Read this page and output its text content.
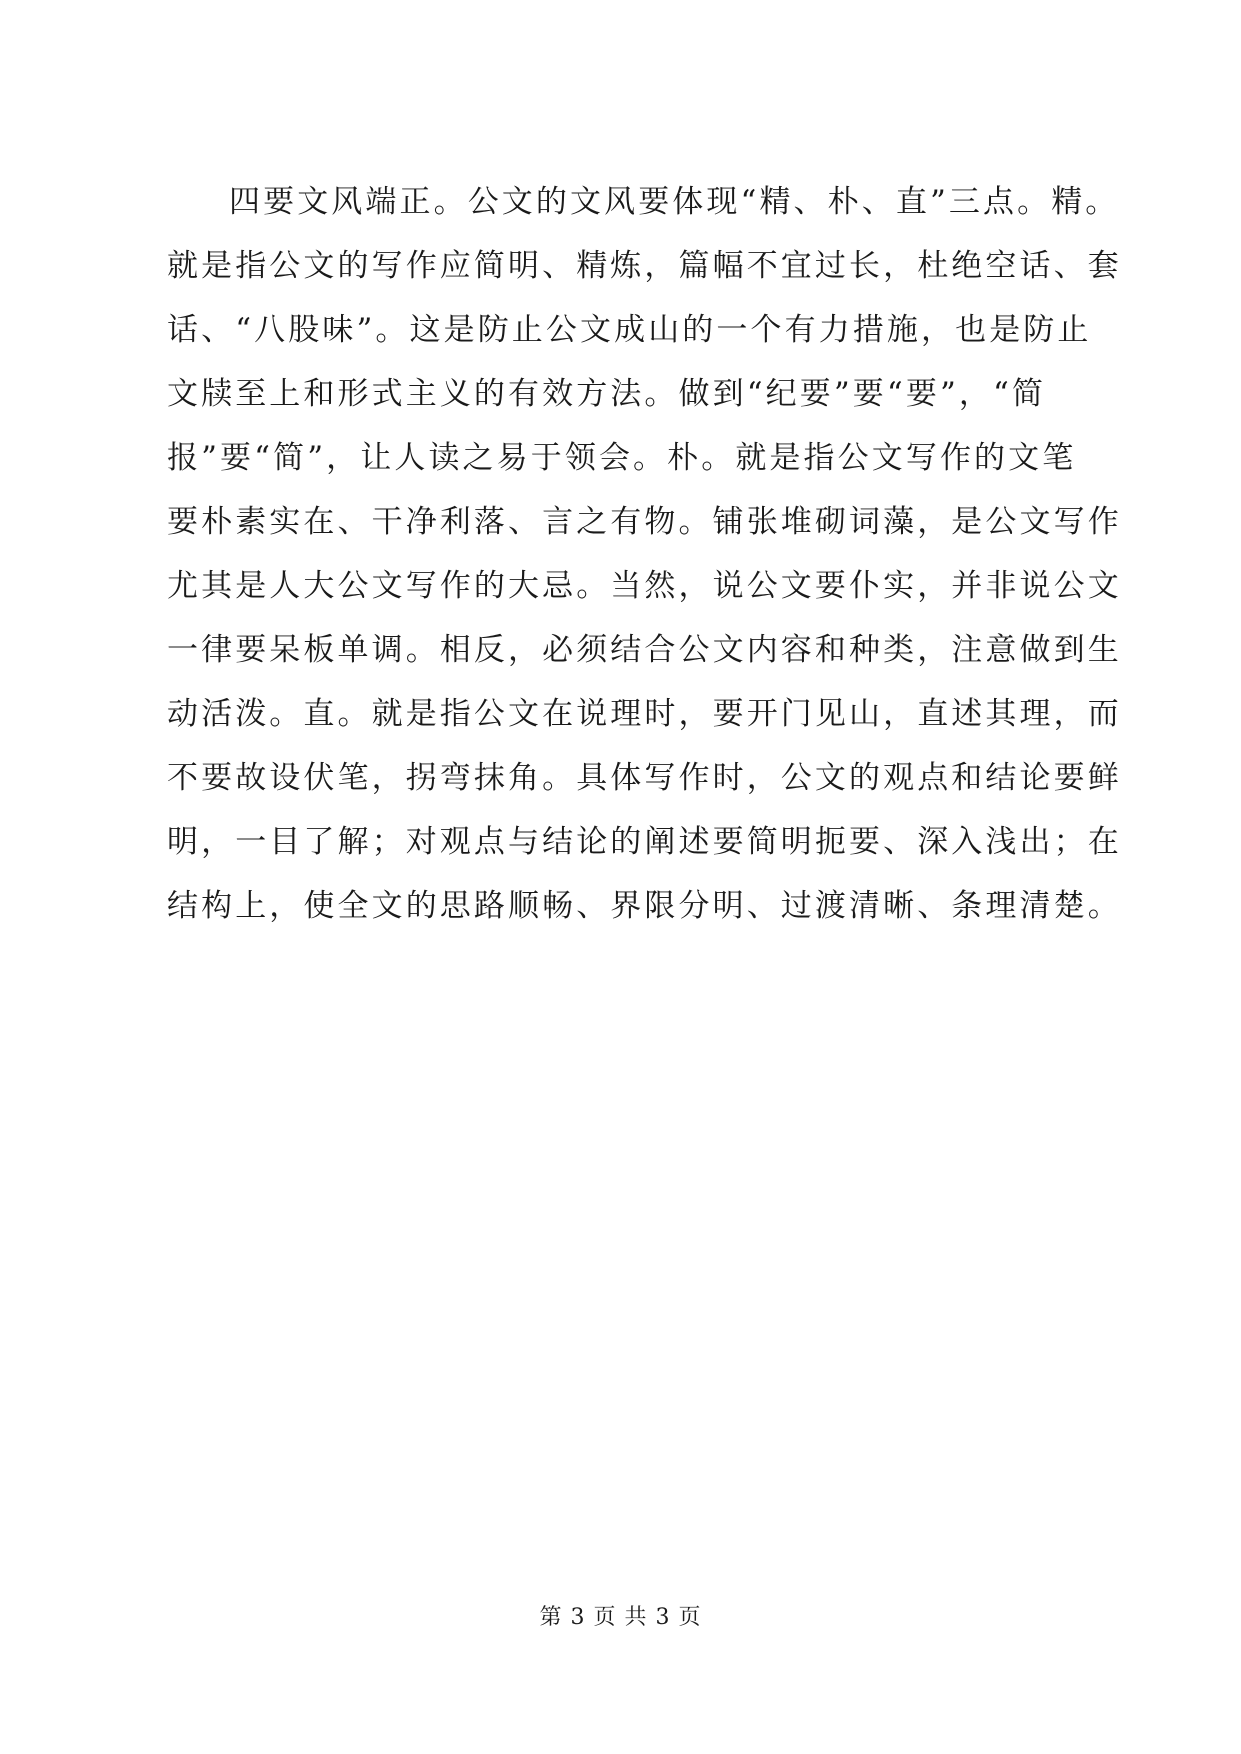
四要文风端正。公文的文风要体现“精、朴、直”三点。精。
就是指公文的写作应简明、精炼，篇幅不宜过长，杜绝空话、套
话、“八股味”。这是防止公文成山的一个有力措施，也是防止
文牍至上和形式主义的有效方法。做到“纪要”要“要”，“简
报”要“简”，让人读之易于领会。朴。就是指公文写作的文笔
要朴素实在、干净利落、言之有物。铺张堆砌词藻，是公文写作
尤其是人大公文写作的大忌。当然，说公文要仆实，并非说公文
一律要呆板单调。相反，必须结合公文内容和种类，注意做到生
动活泼。直。就是指公文在说理时，要开门见山，直述其理，而
不要故设伏笔，拐弯抹角。具体写作时，公文的观点和结论要鲜
明，一目了解；对观点与结论的阐述要简明扼要、深入浅出；在
结构上，使全文的思路顺畅、界限分明、过渡清晰、条理清楚。
第 3 页 共 3 页
